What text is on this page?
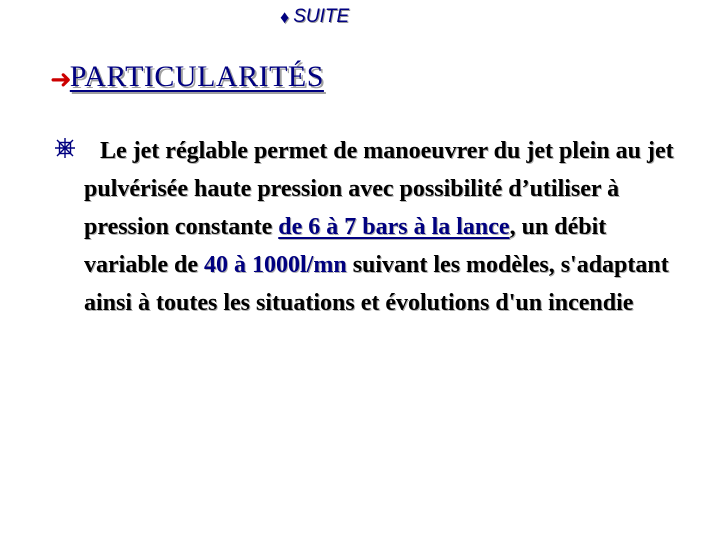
♦ SUITE
➜
PARTICULARITÉS
Le jet réglable permet de manoeuvrer du jet plein au jet pulvérisée haute pression avec possibilité d’utiliser à pression constante de 6 à 7 bars à la lance, un débit variable de 40 à 1000l/mn suivant les modèles, s'adaptant ainsi à toutes les situations et évolutions d'un incendie
